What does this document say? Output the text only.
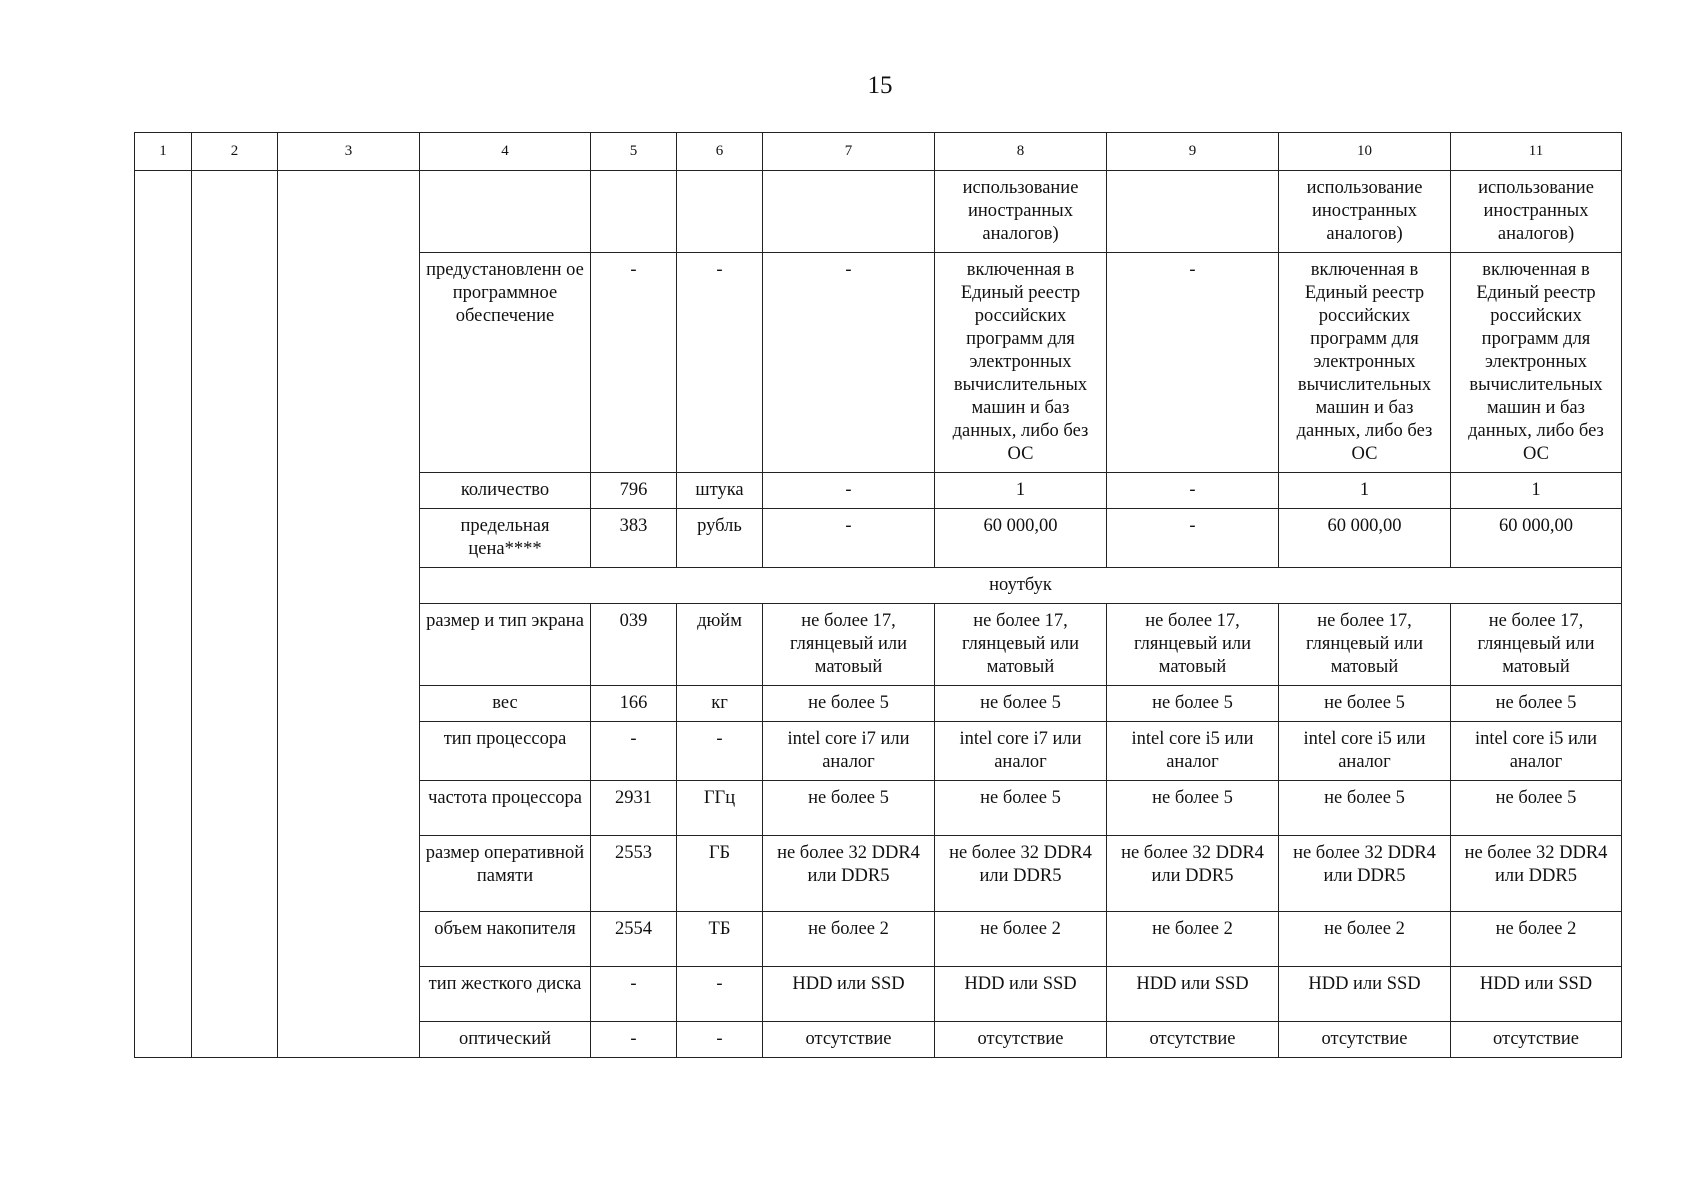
15
1	2	3	4	5	6	7	8	9	10	11
							использование иностранных аналогов)		использование иностранных аналогов)	использование иностранных аналогов)
			предустановленн ое программное обеспечение	-	-	-	включенная в Единый реестр российских программ для электронных вычислительных машин и баз данных, либо без ОС	-	включенная в Единый реестр российских программ для электронных вычислительных машин и баз данных, либо без ОС	включенная в Единый реестр российских программ для электронных вычислительных машин и баз данных, либо без ОС
			количество	796	штука	-	1	-	1	1
			предельная цена****	383	рубль	-	60 000,00	-	60 000,00	60 000,00
			ноутбук							
			размер и тип экрана	039	дюйм	не более 17, глянцевый или матовый	не более 17, глянцевый или матовый	не более 17, глянцевый или матовый	не более 17, глянцевый или матовый	не более 17, глянцевый или матовый
			вес	166	кг	не более 5	не более 5	не более 5	не более 5	не более 5
			тип процессора	-	-	intel core i7 или аналог	intel core i7 или аналог	intel core i5 или аналог	intel core i5 или аналог	intel core i5 или аналог
			частота процессора	2931	ГГц	не более 5	не более 5	не более 5	не более 5	не более 5
			размер оперативной памяти	2553	ГБ	не более 32 DDR4 или DDR5	не более 32 DDR4 или DDR5	не более 32 DDR4 или DDR5	не более 32 DDR4 или DDR5	не более 32 DDR4 или DDR5
			объем накопителя	2554	ТБ	не более 2	не более 2	не более 2	не более 2	не более 2
			тип жесткого диска	-	-	HDD или SSD	HDD или SSD	HDD или SSD	HDD или SSD	HDD или SSD
			оптический	-	-	отсутствие	отсутствие	отсутствие	отсутствие	отсутствие
